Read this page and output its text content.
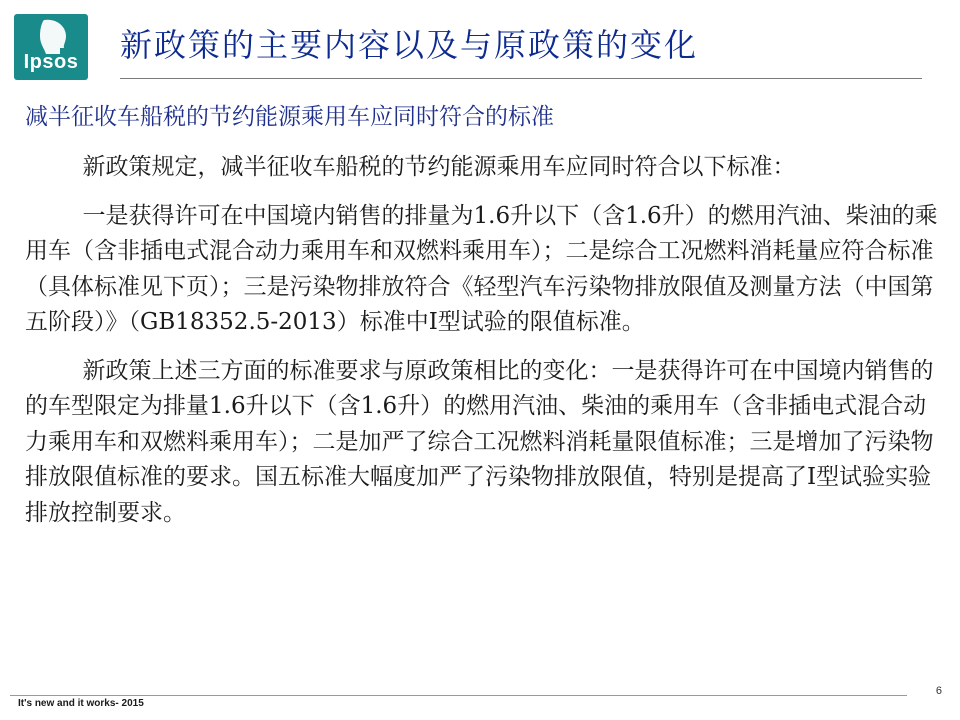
Ipsos	新政策的主要内容以及与原政策的变化
减半征收车船税的节约能源乘用车应同时符合的标准

新政策规定，减半征收车船税的节约能源乘用车应同时符合以下标准：

一是获得许可在中国境内销售的排量为1.6升以下（含1.6升）的燃用汽油、柴油的乘用车（含非插电式混合动力乘用车和双燃料乘用车）；二是综合工况燃料消耗量应符合标准（具体标准见下页）；三是污染物排放符合《轻型汽车污染物排放限值及测量方法（中国第五阶段）》（GB18352.5-2013）标准中I型试验的限值标准。

新政策上述三方面的标准要求与原政策相比的变化：一是获得许可在中国境内销售的的车型限定为排量1.6升以下（含1.6升）的燃用汽油、柴油的乘用车（含非插电式混合动力乘用车和双燃料乘用车）；二是加严了综合工况燃料消耗量限值标准；三是增加了污染物排放限值标准的要求。国五标准大幅度加严了污染物排放限值，特别是提高了I型试验实验排放控制要求。

It's new and it works- 2015
6
